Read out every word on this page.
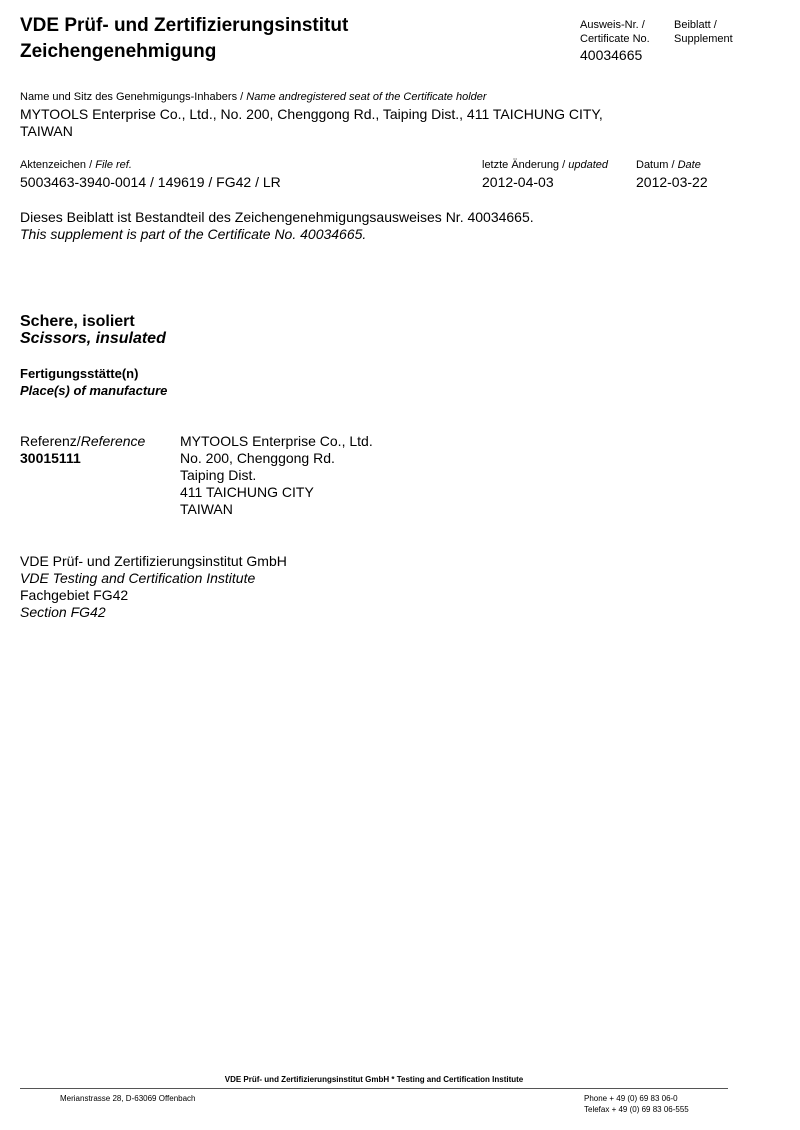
VDE Prüf- und Zertifizierungsinstitut
Zeichengenehmigung
Ausweis-Nr. /
Certificate No.
Beiblatt /
Supplement
40034665
Name und Sitz des Genehmigungs-Inhabers / Name andregistered seat of the Certificate holder
MYTOOLS Enterprise Co., Ltd., No. 200, Chenggong Rd., Taiping Dist., 411 TAICHUNG CITY,
TAIWAN
Aktenzeichen / File ref.
5003463-3940-0014 / 149619 / FG42 / LR
letzte Änderung / updated
2012-04-03
Datum / Date
2012-03-22
Dieses Beiblatt ist Bestandteil des Zeichengenehmigungsausweises Nr. 40034665.
This supplement is part of the Certificate No. 40034665.
Schere, isoliert
Scissors, insulated
Fertigungsstätte(n)
Place(s) of manufacture
Referenz/Reference
30015111
MYTOOLS Enterprise Co., Ltd.
No. 200, Chenggong Rd.
Taiping Dist.
411 TAICHUNG CITY
TAIWAN
VDE Prüf- und Zertifizierungsinstitut GmbH
VDE Testing and Certification Institute
Fachgebiet FG42
Section FG42
VDE Prüf- und Zertifizierungsinstitut GmbH * Testing and Certification Institute
Merianstrasse 28, D-63069 Offenbach	Phone + 49 (0) 69 83 06-0
Telefax + 49 (0) 69 83 06-555
